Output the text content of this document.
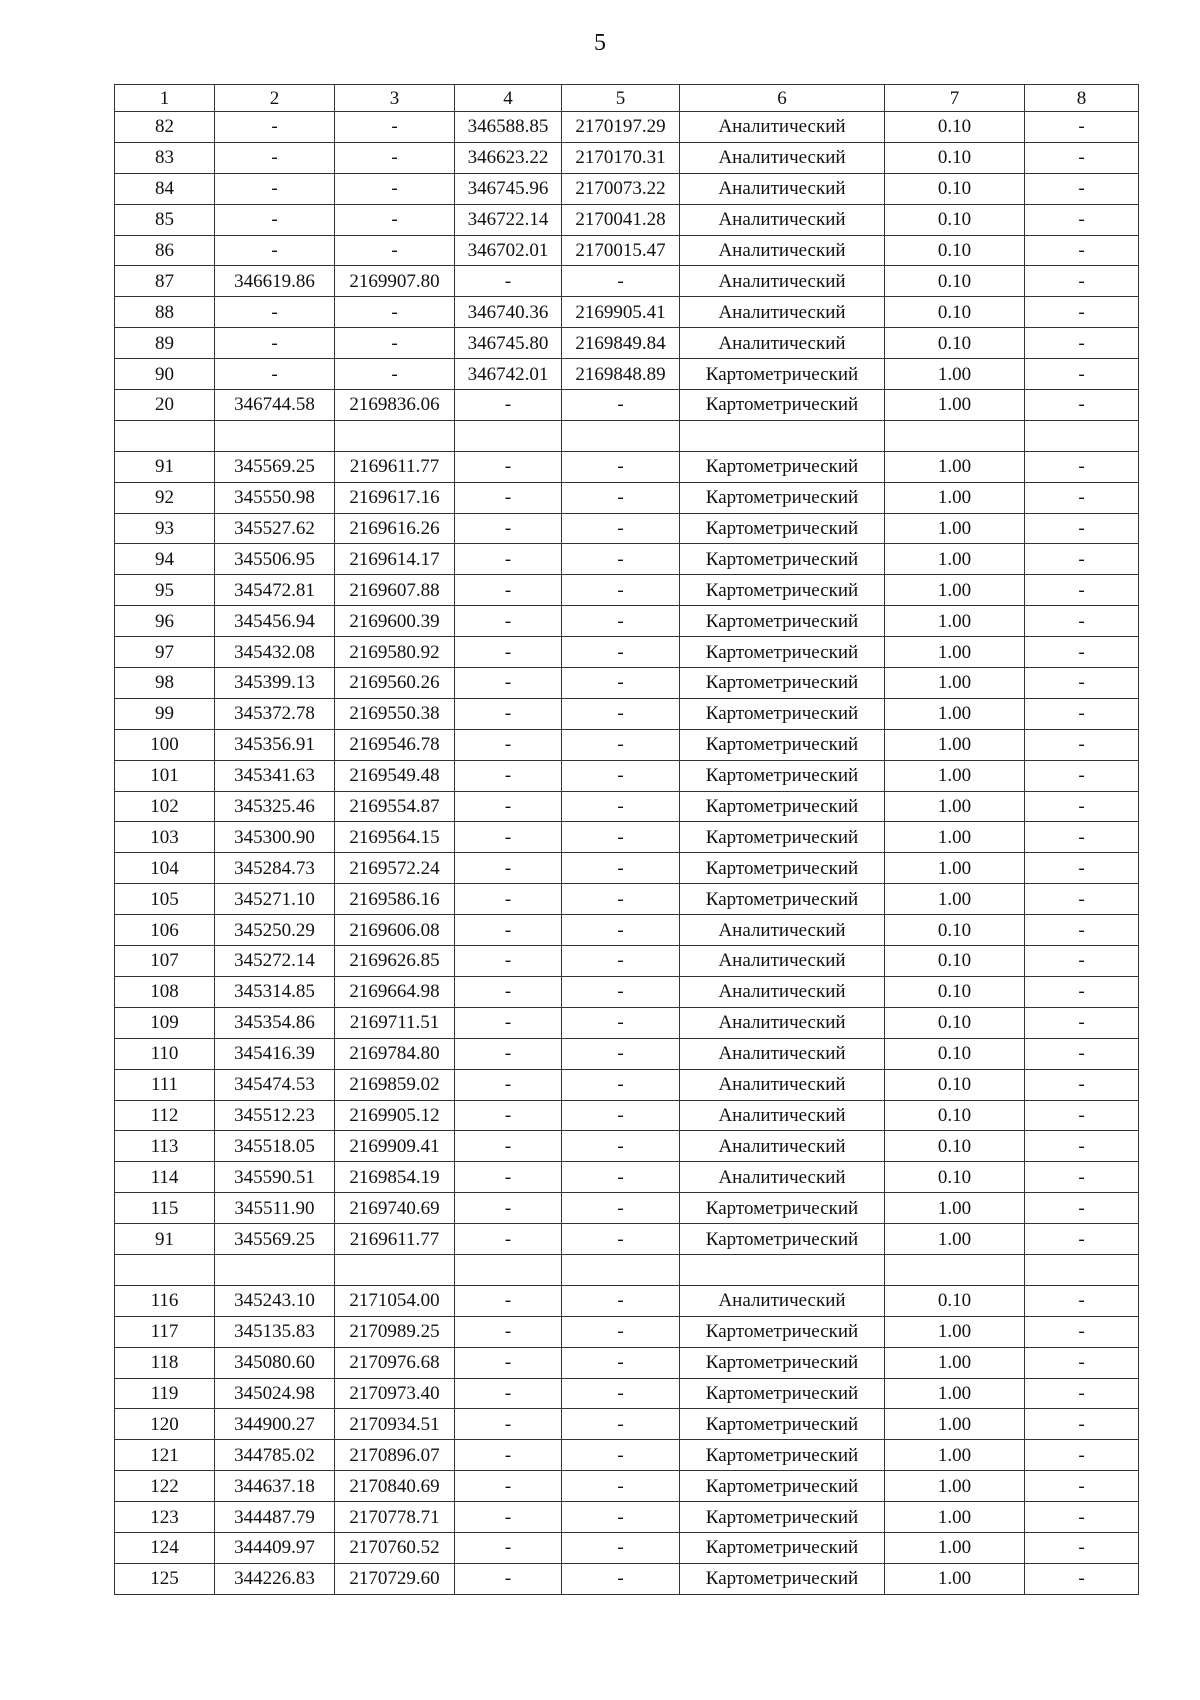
5
1	2	3	4	5	6	7	8
82	-	-	346588.85	2170197.29	Аналитический	0.10	-
83	-	-	346623.22	2170170.31	Аналитический	0.10	-
84	-	-	346745.96	2170073.22	Аналитический	0.10	-
85	-	-	346722.14	2170041.28	Аналитический	0.10	-
86	-	-	346702.01	2170015.47	Аналитический	0.10	-
87	346619.86	2169907.80	-	-	Аналитический	0.10	-
88	-	-	346740.36	2169905.41	Аналитический	0.10	-
89	-	-	346745.80	2169849.84	Аналитический	0.10	-
90	-	-	346742.01	2169848.89	Картометрический	1.00	-
20	346744.58	2169836.06	-	-	Картометрический	1.00	-

91	345569.25	2169611.77	-	-	Картометрический	1.00	-
92	345550.98	2169617.16	-	-	Картометрический	1.00	-
93	345527.62	2169616.26	-	-	Картометрический	1.00	-
94	345506.95	2169614.17	-	-	Картометрический	1.00	-
95	345472.81	2169607.88	-	-	Картометрический	1.00	-
96	345456.94	2169600.39	-	-	Картометрический	1.00	-
97	345432.08	2169580.92	-	-	Картометрический	1.00	-
98	345399.13	2169560.26	-	-	Картометрический	1.00	-
99	345372.78	2169550.38	-	-	Картометрический	1.00	-
100	345356.91	2169546.78	-	-	Картометрический	1.00	-
101	345341.63	2169549.48	-	-	Картометрический	1.00	-
102	345325.46	2169554.87	-	-	Картометрический	1.00	-
103	345300.90	2169564.15	-	-	Картометрический	1.00	-
104	345284.73	2169572.24	-	-	Картометрический	1.00	-
105	345271.10	2169586.16	-	-	Картометрический	1.00	-
106	345250.29	2169606.08	-	-	Аналитический	0.10	-
107	345272.14	2169626.85	-	-	Аналитический	0.10	-
108	345314.85	2169664.98	-	-	Аналитический	0.10	-
109	345354.86	2169711.51	-	-	Аналитический	0.10	-
110	345416.39	2169784.80	-	-	Аналитический	0.10	-
111	345474.53	2169859.02	-	-	Аналитический	0.10	-
112	345512.23	2169905.12	-	-	Аналитический	0.10	-
113	345518.05	2169909.41	-	-	Аналитический	0.10	-
114	345590.51	2169854.19	-	-	Аналитический	0.10	-
115	345511.90	2169740.69	-	-	Картометрический	1.00	-
91	345569.25	2169611.77	-	-	Картометрический	1.00	-

116	345243.10	2171054.00	-	-	Аналитический	0.10	-
117	345135.83	2170989.25	-	-	Картометрический	1.00	-
118	345080.60	2170976.68	-	-	Картометрический	1.00	-
119	345024.98	2170973.40	-	-	Картометрический	1.00	-
120	344900.27	2170934.51	-	-	Картометрический	1.00	-
121	344785.02	2170896.07	-	-	Картометрический	1.00	-
122	344637.18	2170840.69	-	-	Картометрический	1.00	-
123	344487.79	2170778.71	-	-	Картометрический	1.00	-
124	344409.97	2170760.52	-	-	Картометрический	1.00	-
125	344226.83	2170729.60	-	-	Картометрический	1.00	-
